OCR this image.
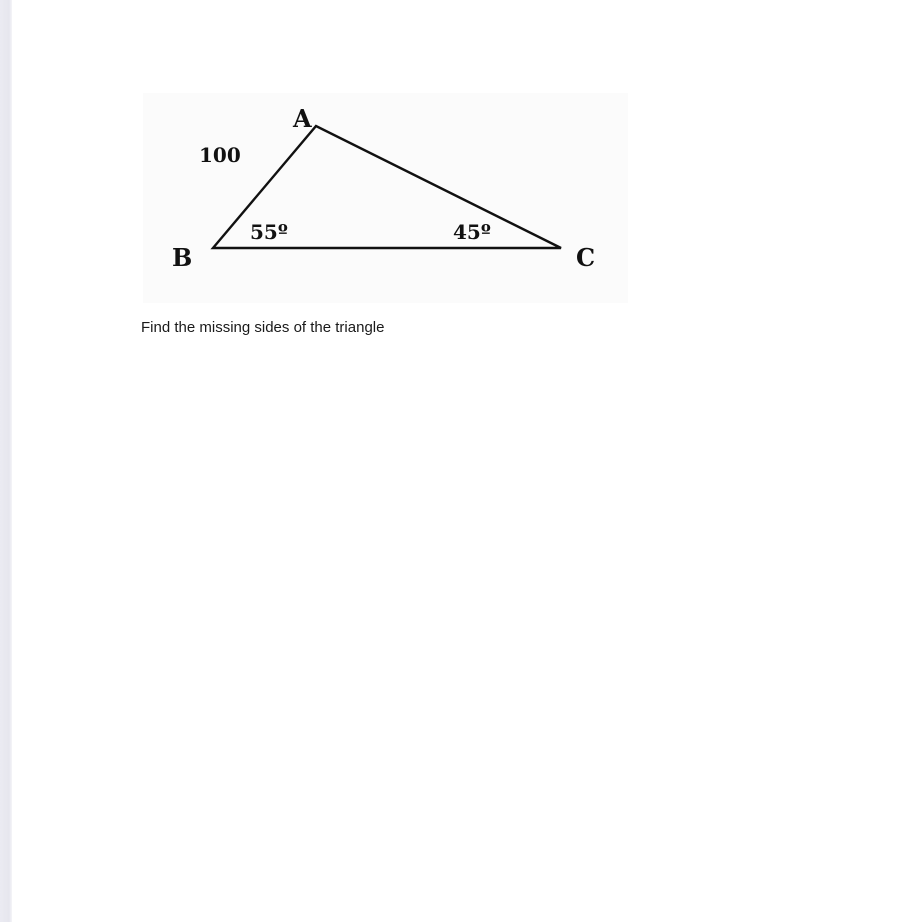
A
B	C
100
55º	45º
Find the missing sides of the triangle
